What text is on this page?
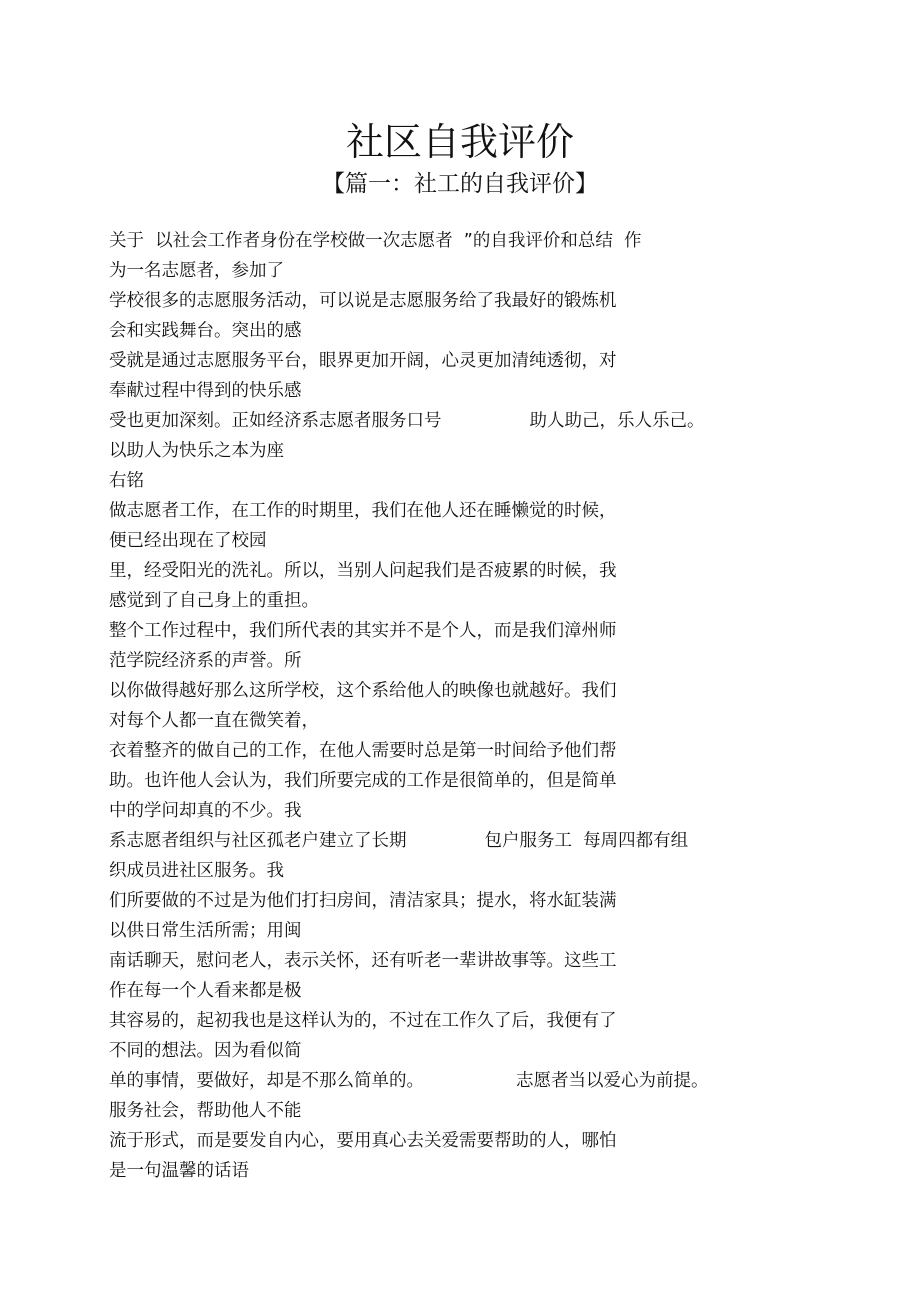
社区自我评价
【篇一：社工的自我评价】

关于  以社会工作者身份在学校做一次志愿者  ”的自我评价和总结  作

为一名志愿者，参加了

学校很多的志愿服务活动，可以说是志愿服务给了我最好的锻炼机

会和实践舞台。突出的感

受就是通过志愿服务平台，眼界更加开阔，心灵更加清纯透彻，对

奉献过程中得到的快乐感

受也更加深刻。正如经济系志愿者服务口号	助人助己，乐人乐己。

以助人为快乐之本为座

右铭

做志愿者工作，在工作的时期里，我们在他人还在睡懒觉的时候，

便已经出现在了校园

里，经受阳光的洗礼。所以，当别人问起我们是否疲累的时候，我

感觉到了自己身上的重担。

整个工作过程中，我们所代表的其实并不是个人，而是我们漳州师

范学院经济系的声誉。所

以你做得越好那么这所学校，这个系给他人的映像也就越好。我们

对每个人都一直在微笑着，

衣着整齐的做自己的工作，在他人需要时总是第一时间给予他们帮

助。也许他人会认为，我们所要完成的工作是很简单的，但是简单

中的学问却真的不少。我

系志愿者组织与社区孤老户建立了长期	包户服务工  每周四都有组

织成员进社区服务。我

们所要做的不过是为他们打扫房间，清洁家具；提水，将水缸装满

以供日常生活所需；用闽

南话聊天，慰问老人，表示关怀，还有听老一辈讲故事等。这些工

作在每一个人看来都是极

其容易的，起初我也是这样认为的，不过在工作久了后，我便有了

不同的想法。因为看似简

单的事情，要做好，却是不那么简单的。	志愿者当以爱心为前提。

服务社会，帮助他人不能

流于形式，而是要发自内心，要用真心去关爱需要帮助的人，哪怕

是一句温馨的话语
